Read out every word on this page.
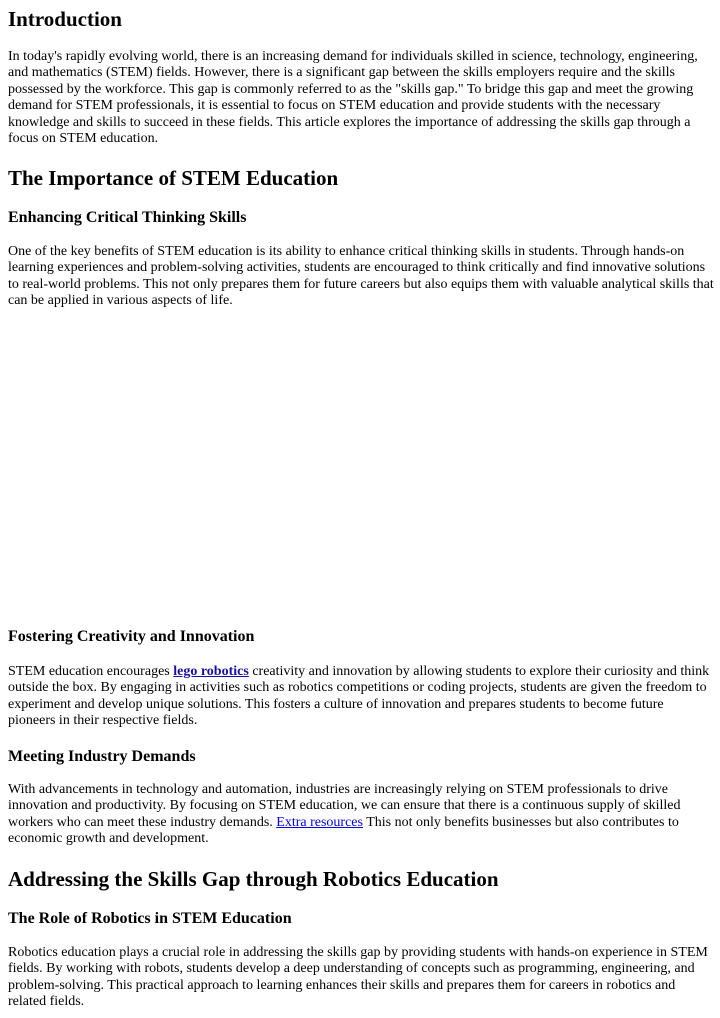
Introduction

In today's rapidly evolving world, there is an increasing demand for individuals skilled in science, technology, engineering, and mathematics (STEM) fields. However, there is a significant gap between the skills employers require and the skills possessed by the workforce. This gap is commonly referred to as the "skills gap." To bridge this gap and meet the growing demand for STEM professionals, it is essential to focus on STEM education and provide students with the necessary knowledge and skills to succeed in these fields. This article explores the importance of addressing the skills gap through a focus on STEM education.

The Importance of STEM Education
Enhancing Critical Thinking Skills

One of the key benefits of STEM education is its ability to enhance critical thinking skills in students. Through hands-on learning experiences and problem-solving activities, students are encouraged to think critically and find innovative solutions to real-world problems. This not only prepares them for future careers but also equips them with valuable analytical skills that can be applied in various aspects of life.

Fostering Creativity and Innovation

STEM education encourages lego robotics creativity and innovation by allowing students to explore their curiosity and think outside the box. By engaging in activities such as robotics competitions or coding projects, students are given the freedom to experiment and develop unique solutions. This fosters a culture of innovation and prepares students to become future pioneers in their respective fields.

Meeting Industry Demands

With advancements in technology and automation, industries are increasingly relying on STEM professionals to drive innovation and productivity. By focusing on STEM education, we can ensure that there is a continuous supply of skilled workers who can meet these industry demands. Extra resources This not only benefits businesses but also contributes to economic growth and development.

Addressing the Skills Gap through Robotics Education
The Role of Robotics in STEM Education

Robotics education plays a crucial role in addressing the skills gap by providing students with hands-on experience in STEM fields. By working with robots, students develop a deep understanding of concepts such as programming, engineering, and problem-solving. This practical approach to learning enhances their skills and prepares them for careers in robotics and related fields.
